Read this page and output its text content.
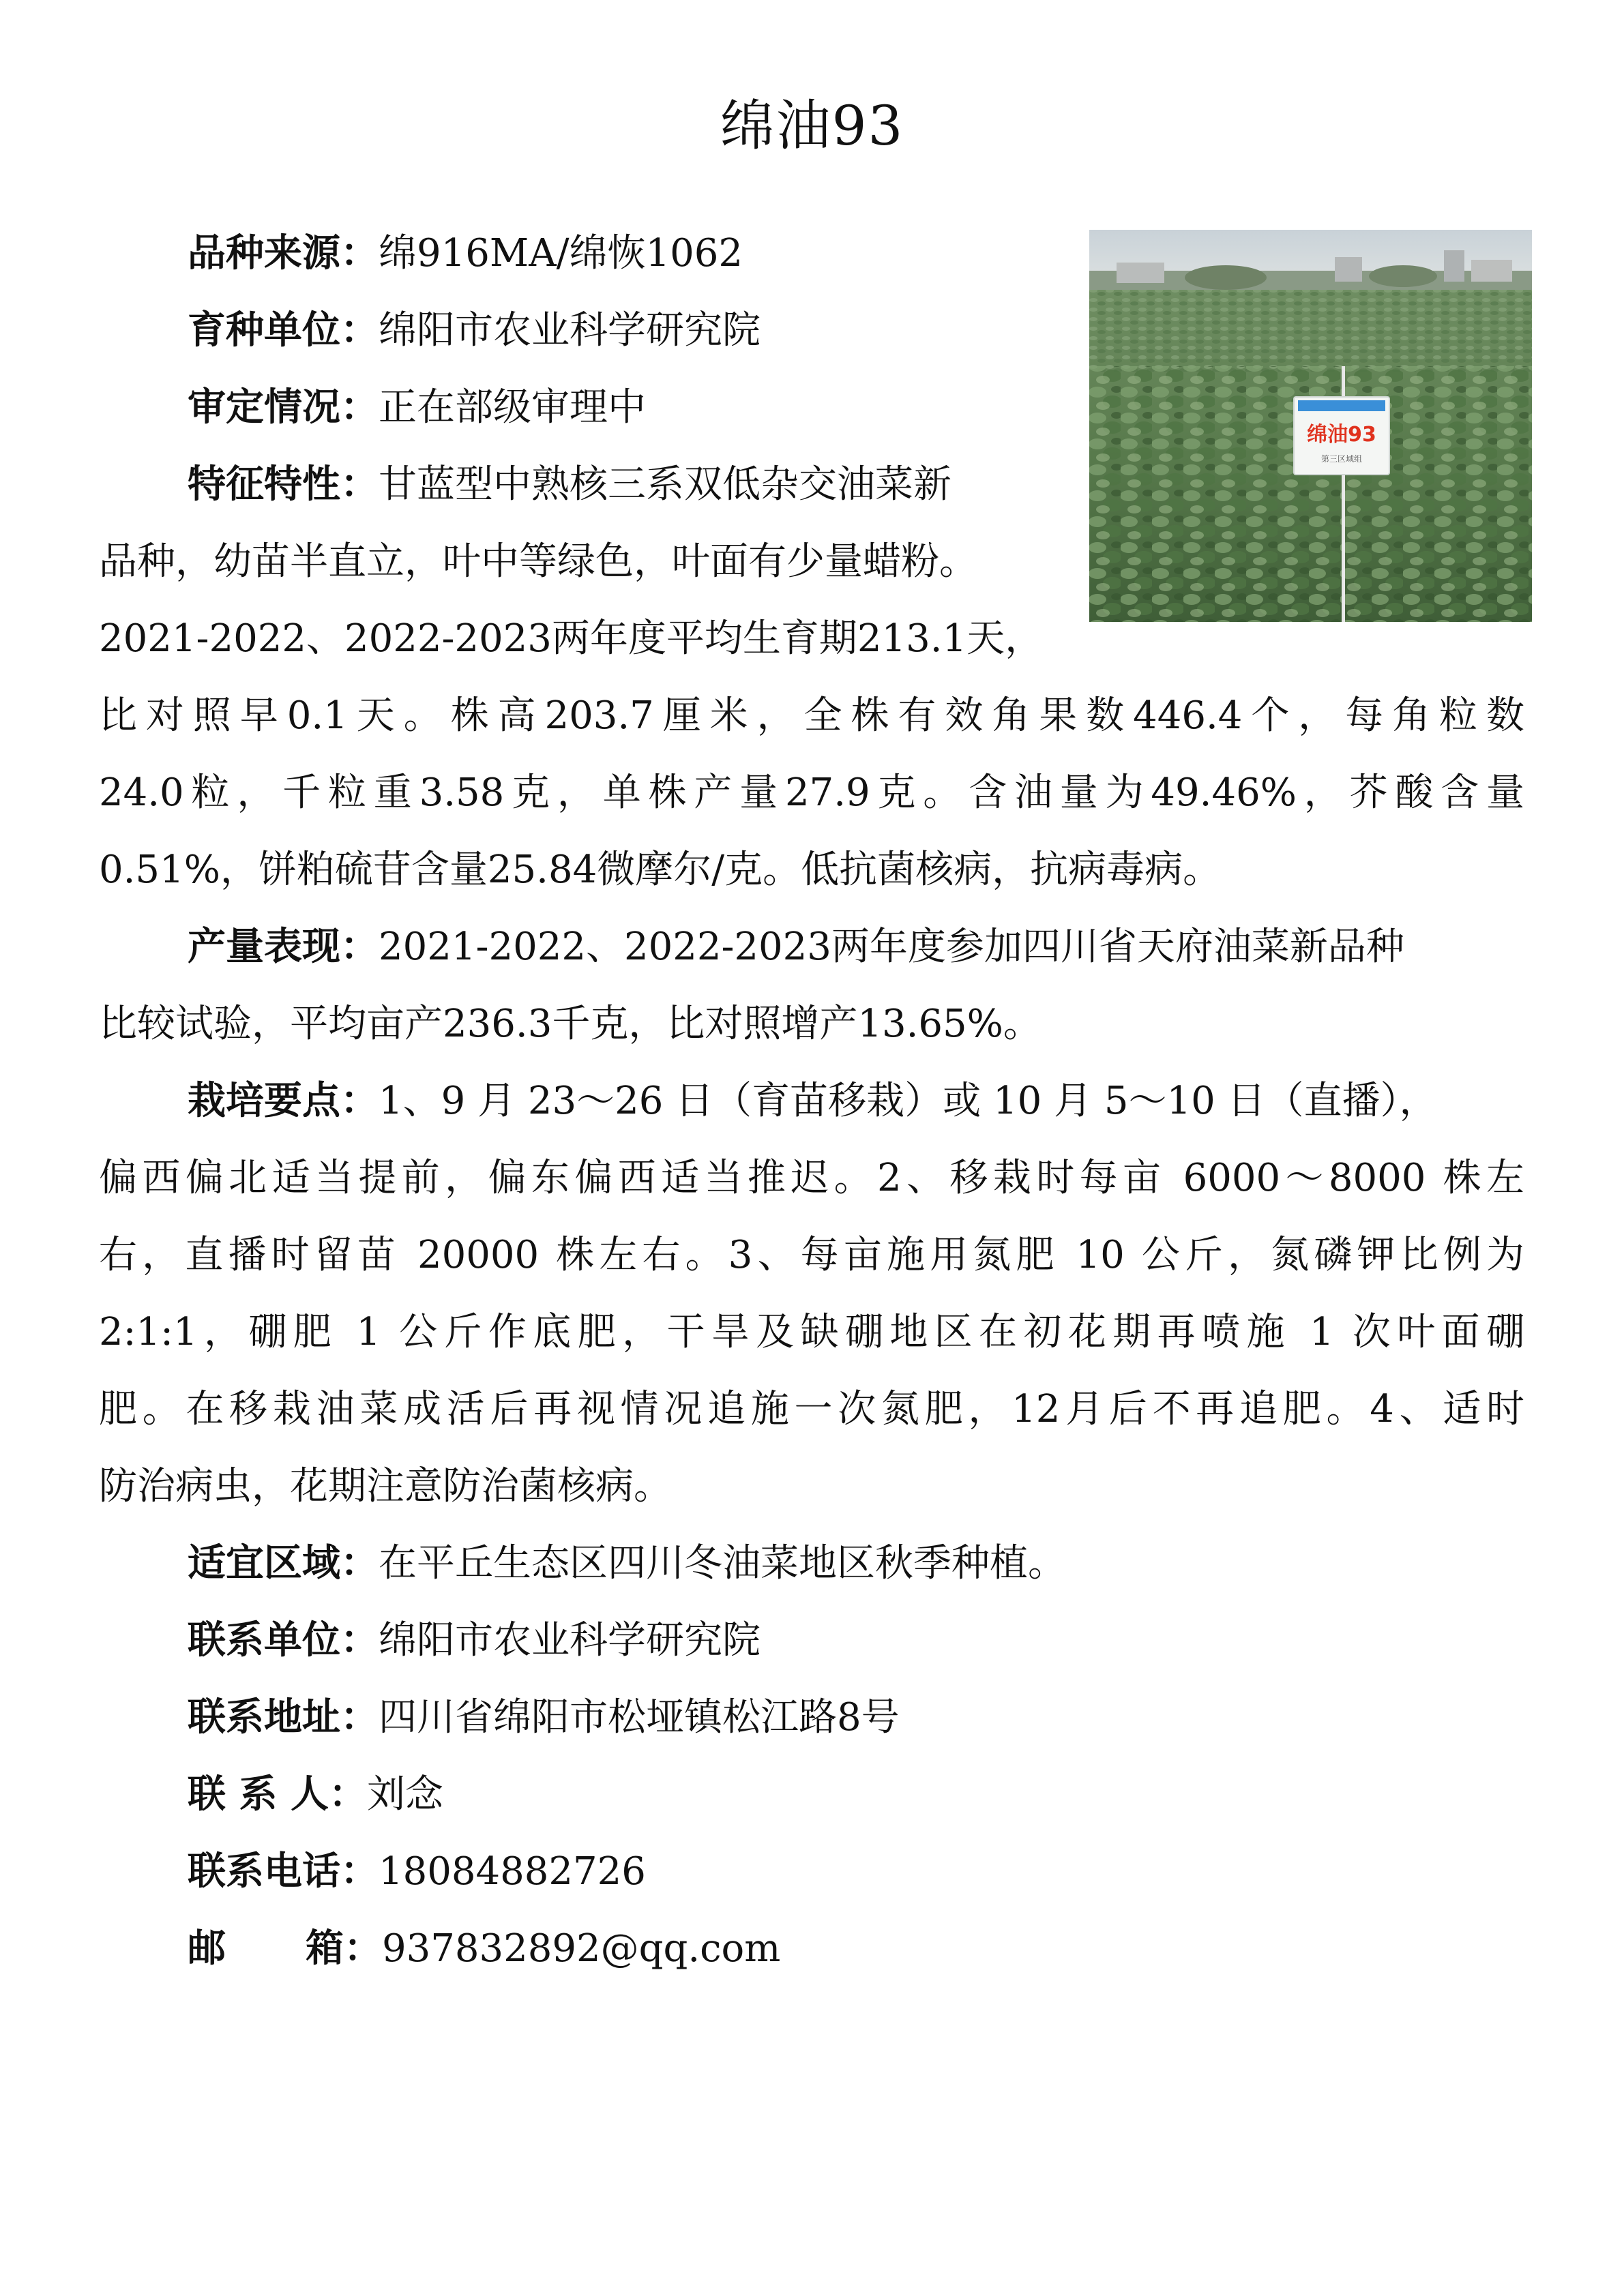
绵油93
绵油93
第三区域组
品种来源：绵916MA/绵恢1062
育种单位：绵阳市农业科学研究院
审定情况：正在部级审理中
特征特性：甘蓝型中熟核三系双低杂交油菜新
品种，幼苗半直立，叶中等绿色，叶面有少量蜡粉。
2021-2022、2022-2023两年度平均生育期213.1天，
比对照早0.1天。株高203.7厘米，全株有效角果数446.4个，每角粒数
24.0粒，千粒重3.58克，单株产量27.9克。含油量为49.46%，芥酸含量
0.51%，饼粕硫苷含量25.84微摩尔/克。低抗菌核病，抗病毒病。
产量表现：2021-2022、2022-2023两年度参加四川省天府油菜新品种
比较试验，平均亩产236.3千克，比对照增产13.65%。
栽培要点：1、9 月 23～26 日（育苗移栽）或 10 月 5～10 日（直播），
偏西偏北适当提前，偏东偏西适当推迟。2、移栽时每亩 6000～8000 株左
右，直播时留苗 20000 株左右。3、每亩施用氮肥 10 公斤，氮磷钾比例为
2:1:1，硼肥 1 公斤作底肥，干旱及缺硼地区在初花期再喷施 1 次叶面硼
肥。在移栽油菜成活后再视情况追施一次氮肥，12月后不再追肥。4、适时
防治病虫，花期注意防治菌核病。
适宜区域：在平丘生态区四川冬油菜地区秋季种植。
联系单位：绵阳市农业科学研究院
联系地址：四川省绵阳市松垭镇松江路8号
联 系 人：刘念
联系电话：18084882726
邮      箱：937832892@qq.com
